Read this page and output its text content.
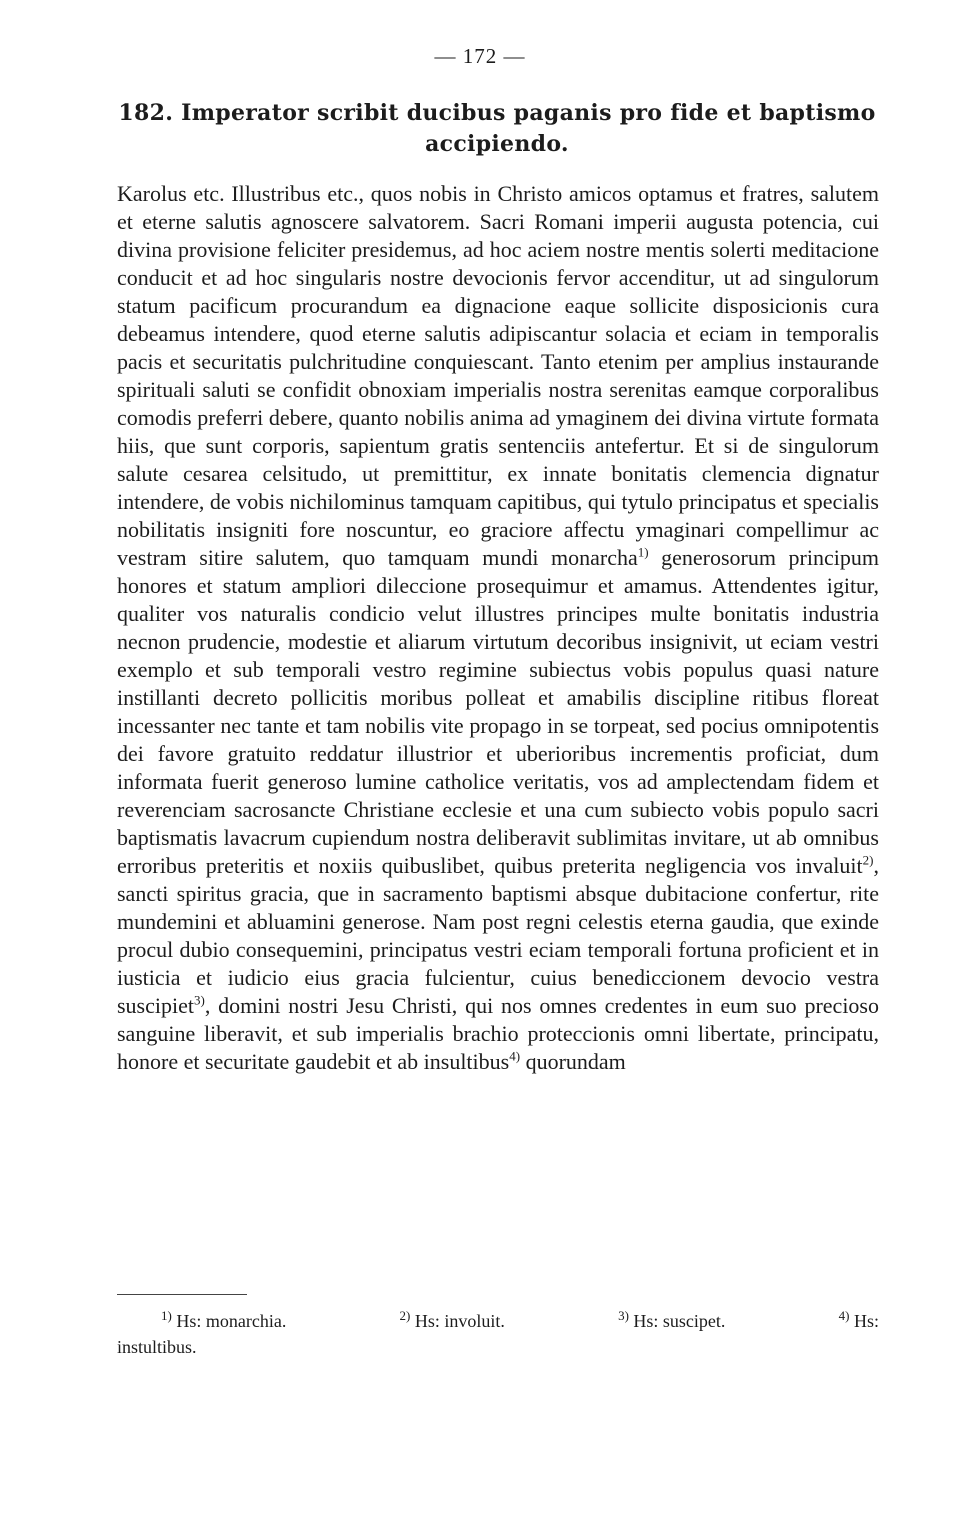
— 172 —
182. Imperator scribit ducibus paganis pro fide et baptismo accipiendo.

Karolus etc. Illustribus etc., quos nobis in Christo amicos optamus et fratres, salutem et eterne salutis agnoscere salvatorem. Sacri Romani imperii augusta potencia, cui divina provisione feliciter presidemus, ad hoc aciem nostre mentis solerti meditacione conducit et ad hoc singularis nostre devocionis fervor accenditur, ut ad singulorum statum pacificum procurandum ea dignacione eaque sollicite disposicionis cura debeamus intendere, quod eterne salutis adipiscantur solacia et eciam in temporalis pacis et securitatis pulchritudine conquiescant. Tanto etenim per amplius instaurande spirituali saluti se confidit obnoxiam imperialis nostra serenitas eamque corporalibus comodis preferri debere, quanto nobilis anima ad ymaginem dei divina virtute formata hiis, que sunt corporis, sapientum gratis sentenciis antefertur. Et si de singulorum salute cesarea celsitudo, ut premittitur, ex innate bonitatis clemencia dignatur intendere, de vobis nichilominus tamquam capitibus, qui tytulo principatus et specialis nobilitatis insigniti fore noscuntur, eo graciore affectu ymaginari compellimur ac vestram sitire salutem, quo tamquam mundi monarcha$^{1)}$ generosorum principum honores et statum ampliori dileccione prosequimur et amamus. Attendentes igitur, qualiter vos naturalis condicio velut illustres principes multe bonitatis industria necnon prudencie, modestie et aliarum virtutum decoribus insignivit, ut eciam vestri exemplo et sub temporali vestro regimine subiectus vobis populus quasi nature instillanti decreto pollicitis moribus polleat et amabilis discipline ritibus floreat incessanter nec tante et tam nobilis vite propago in se torpeat, sed pocius omnipotentis dei favore gratuito reddatur illustrior et uberioribus incrementis proficiat, dum informata fuerit generoso lumine catholice veritatis, vos ad amplectendam fidem et reverenciam sacrosancte Christiane ecclesie et una cum subiecto vobis populo sacri baptismatis lavacrum cupiendum nostra deliberavit sublimitas invitare, ut ab omnibus erroribus preteritis et noxiis quibuslibet, quibus preterita negligencia vos invaluit$^{2)}$, sancti spiritus gracia, que in sacramento baptismi absque dubitacione confertur, rite mundemini et abluamini generose. Nam post regni celestis eterna gaudia, que exinde procul dubio consequemini, principatus vestri eciam temporali fortuna proficient et in iusticia et iudicio eius gracia fulcientur, cuius benediccionem devocio vestra suscipiet$^{3)}$, domini nostri Jesu Christi, qui nos omnes credentes in eum suo precioso sanguine liberavit, et sub imperialis brachio proteccionis omni libertate, principatu, honore et securitate gaudebit et ab insultibus$^{4)}$ quorundam

$^{1)}$ Hs: monarchia.	$^{2)}$ Hs: involuit.	$^{3)}$ Hs: suscipet.	$^{4)}$ Hs:
instultibus.
